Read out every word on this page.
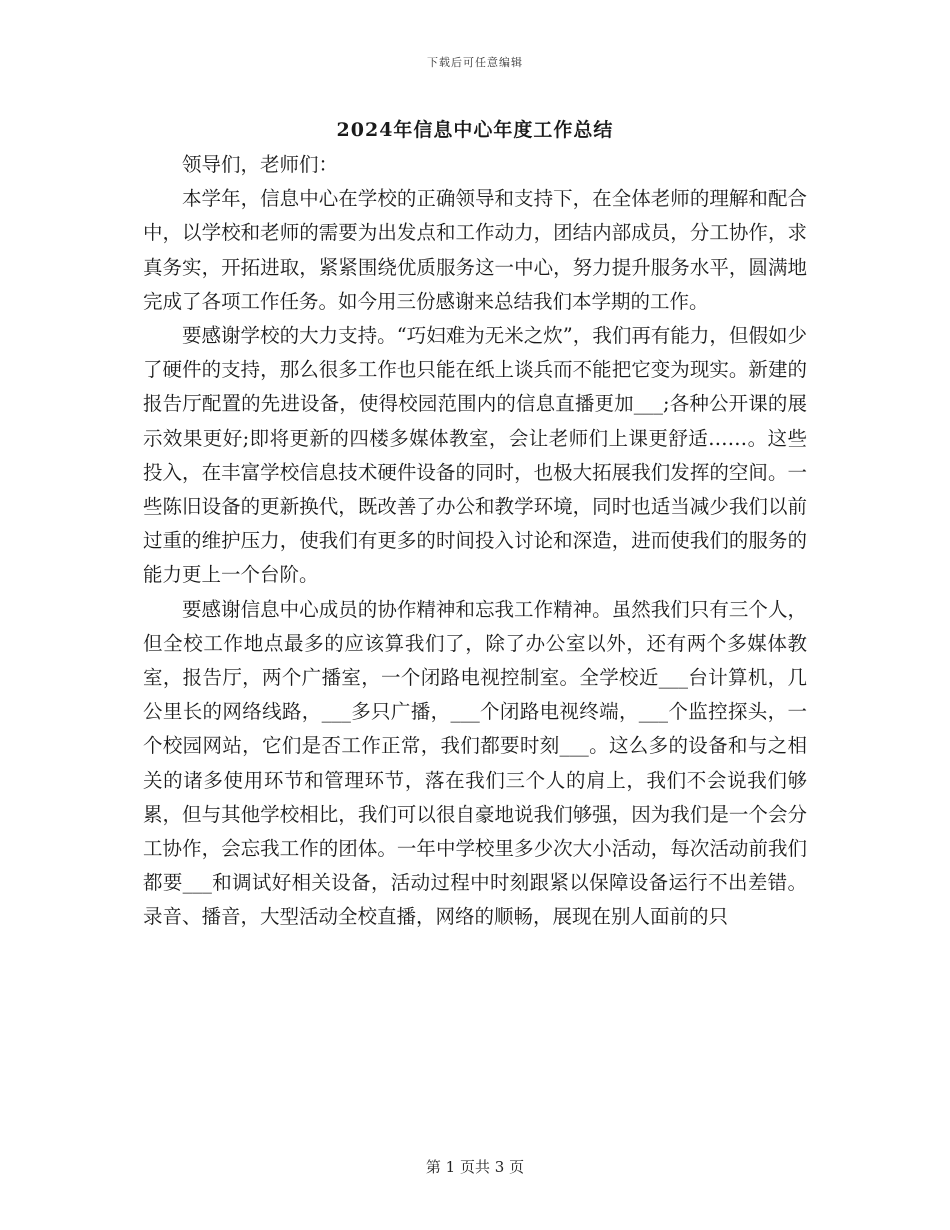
下载后可任意编辑
2024年信息中心年度工作总结

领导们，老师们：

本学年，信息中心在学校的正确领导和支持下，在全体老师的理解和配合中，以学校和老师的需要为出发点和工作动力，团结内部成员，分工协作，求真务实，开拓进取，紧紧围绕优质服务这一中心，努力提升服务水平，圆满地完成了各项工作任务。如今用三份感谢来总结我们本学期的工作。

要感谢学校的大力支持。“巧妇难为无米之炊”，我们再有能力，但假如少了硬件的支持，那么很多工作也只能在纸上谈兵而不能把它变为现实。新建的报告厅配置的先进设备，使得校园范围内的信息直播更加___;各种公开课的展示效果更好;即将更新的四楼多媒体教室，会让老师们上课更舒适……。这些投入，在丰富学校信息技术硬件设备的同时，也极大拓展我们发挥的空间。一些陈旧设备的更新换代，既改善了办公和教学环境，同时也适当减少我们以前过重的维护压力，使我们有更多的时间投入讨论和深造，进而使我们的服务的能力更上一个台阶。

要感谢信息中心成员的协作精神和忘我工作精神。虽然我们只有三个人，但全校工作地点最多的应该算我们了，除了办公室以外，还有两个多媒体教室，报告厅，两个广播室，一个闭路电视控制室。全学校近___台计算机，几公里长的网络线路，___多只广播，___个闭路电视终端，___个监控探头，一个校园网站，它们是否工作正常，我们都要时刻___。这么多的设备和与之相关的诸多使用环节和管理环节，落在我们三个人的肩上，我们不会说我们够累，但与其他学校相比，我们可以很自豪地说我们够强，因为我们是一个会分工协作，会忘我工作的团体。一年中学校里多少次大小活动，每次活动前我们都要___和调试好相关设备，活动过程中时刻跟紧以保障设备运行不出差错。录音、播音，大型活动全校直播，网络的顺畅，展现在别人面前的只

第 1 页共 3 页
